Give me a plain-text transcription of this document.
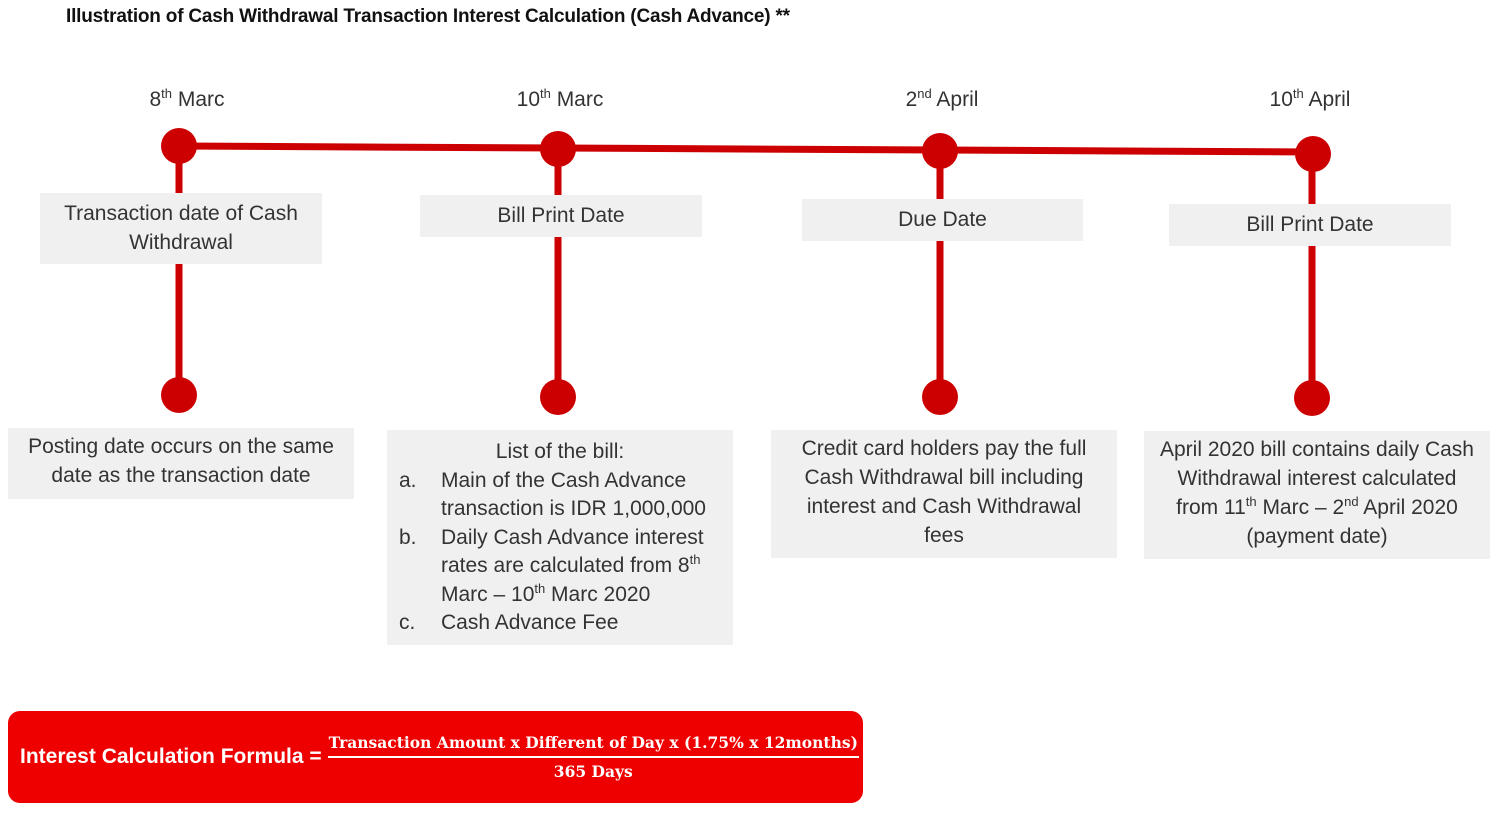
Illustration of Cash Withdrawal Transaction Interest Calculation (Cash Advance) **
8th Marc	10th Marc	2nd April	10th April
Transaction date of Cash Withdrawal
Bill Print Date	Due Date	Bill Print Date
Posting date occurs on the same date as the transaction date
List of the bill:
a.	Main of the Cash Advance transaction is IDR 1,000,000
b.	Daily Cash Advance interest rates are calculated from 8th Marc – 10th Marc 2020
c.	Cash Advance Fee
Credit card holders pay the full Cash Withdrawal bill including interest and Cash Withdrawal fees
April 2020 bill contains daily Cash Withdrawal interest calculated from 11th Marc – 2nd April 2020 (payment date)
Interest Calculation Formula = $\frac{\text{Transaction Amount x Different of Day x (1.75\% x 12months)}}{\text{365 Days}}$
